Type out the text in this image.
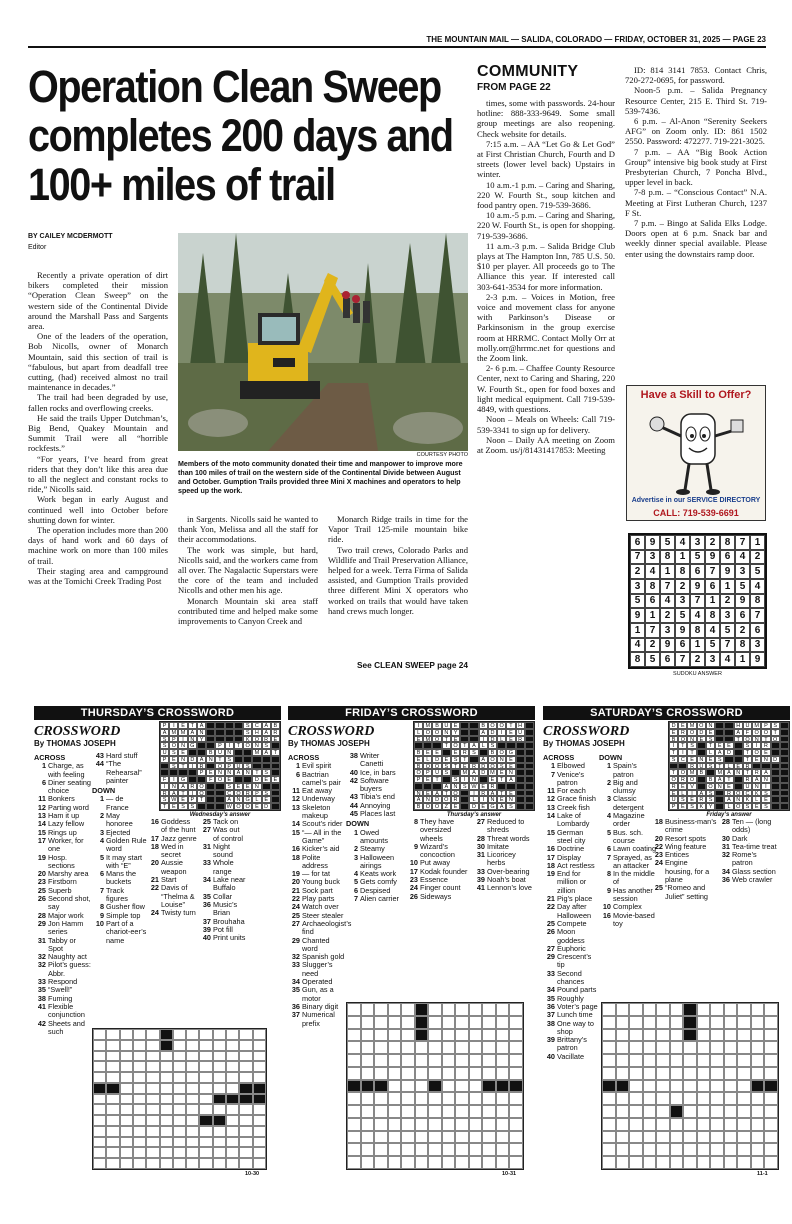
THE MOUNTAIN MAIL — SALIDA, COLORADO — FRIDAY, OCTOBER 31, 2025 — PAGE 23
Operation Clean Sweep completes 200 days and 100+ miles of trail
BY CAILEY MCDERMOTT
Editor

Recently a private operation of dirt bikers completed their mission “Operation Clean Sweep” on the western side of the Continental Divide around the Marshall Pass and Sargents area.

One of the leaders of the operation, Bob Nicolls, owner of Monarch Mountain, said this section of trail is “fabulous, but apart from deadfall tree cutting, (had) received almost no trail maintenance in decades.”

The trail had been degraded by use, fallen rocks and overflowing creeks.

He said the trails Upper Dutchman’s, Big Bend, Quakey Mountain and Summit Trail were all “horrible rockfests.”

“For years, I’ve heard from great riders that they don’t like this area due to all the neglect and constant rocks to ride,” Nicolls said.

Work began in early August and continued well into October before shutting down for winter.

The operation includes more than 200 days of hand work and 60 days of machine work on more than 100 miles of trail.

Their staging area and campground was at the Tomichi Creek Trading Post

COURTESY PHOTO
Members of the moto community donated their time and manpower to improve more than 100 miles of trail on the western side of the Continental Divide between August and October. Gumption Trails provided three Mini X machines and operators to help speed up the work.

in Sargents. Nicolls said he wanted to thank Yon, Melissa and all the staff for their accommodations.

The work was simple, but hard, Nicolls said, and the workers came from all over. The Nagalactic Superstars were the core of the team and included Nicolls and other men his age.

Monarch Mountain ski area staff contributed time and helped make some improvements to Canyon Creek and

Monarch Ridge trails in time for the Vapor Trail 125-mile mountain bike ride.

Two trail crews, Colorado Parks and Wildlife and Trail Preservation Alliance, helped for a week. Terra Firma of Salida assisted, and Gumption Trails provided three different Mini X operators who worked on trails that would have taken hand crews much longer.

See CLEAN SWEEP page 24
COMMUNITY
FROM PAGE 22

times, some with passwords. 24-hour hotline: 888-333-9649. Some small group meetings are also reopening. Check website for details.

7:15 a.m. – AA “Let Go & Let God” at First Christian Church, Fourth and D streets (lower level back) Upstairs in winter.

10 a.m.-1 p.m. – Caring and Sharing, 220 W. Fourth St., soup kitchen and food pantry open. 719-539-3686.

10 a.m.-5 p.m. – Caring and Sharing, 220 W. Fourth St., is open for shopping. 719-539-3686.

11 a.m.-3 p.m. – Salida Bridge Club plays at The Hampton Inn, 785 U.S. 50. $10 per player. All proceeds go to The Alliance this year. If interested call 303-641-3534 for more information.

2-3 p.m. – Voices in Motion, free voice and movement class for anyone with Parkinson’s Disease or Parkinsonism in the group exercise room at HRRMC. Contact Molly Orr at molly.orr@hrrmc.net for questions and the Zoom link.

2- 6 p.m. – Chaffee County Resource Center, next to Caring and Sharing, 220 W. Fourth St., open for food boxes and light medical equipment. Call 719-539-4849, with questions.

Noon – Meals on Wheels: Call 719-539-3341 to sign up for delivery.

Noon – Daily AA meeting on Zoom at Zoom. us/j/81431417853: Meeting

ID: 814 3141 7853. Contact Chris, 720-272-0695, for password.

Noon-5 p.m. – Salida Pregnancy Resource Center, 215 E. Third St. 719-539-7436.

6 p.m. – Al-Anon “Serenity Seekers AFG” on Zoom only. ID: 861 1502 2550. Password: 472277. 719-221-3025.

7 p.m. – AA “Big Book Action Group” intensive big book study at First Presbyterian Church, 7 Poncha Blvd., upper level in back.

7-8 p.m. – “Conscious Contact” N.A. Meeting at First Lutheran Church, 1237 F St.

7 p.m. – Bingo at Salida Elks Lodge. Doors open at 6 p.m. Snack bar and weekly dinner special available. Please enter using the downstairs ramp door.

Have a Skill to Offer?
Advertise in our SERVICE DIRECTORY
CALL: 719-539-6691
6 9 5 4 3 2 8 7 1
7 3 8 1 5 9 6 4 2
2 4 1 8 6 7 9 3 5
3 8 7 2 9 6 1 5 4
5 6 4 3 7 1 2 9 8
9 1 2 5 4 8 3 6 7
1 7 3 9 8 4 5 2 6
4 2 9 6 1 5 7 8 3
8 5 6 7 2 3 4 1 9
SUDOKU ANSWER
THURSDAY’S CROSSWORD
CROSSWORD
By THOMAS JOSEPH
P	I	E	T	A	S C A	B
A M M A N	S H A R
S	P	I	N Y	K O R E
S O N G	P	I	T O N S
U S	E	B U N	M A	T
P	E N D A N	T	S
S	T	I	R	O P U S
P	E N N A N	T	S
F	I	G	F O E	D E	E
I	N A R O	S	E	E N
R A	T	I	O	C O R P	S
S W E	P	T	A N G	L	E
T	E	S	S	W O O E D
Wednesday’s answer
ACROSS
1 Charge, as with feeling
6 Diner seating choice
11 Bonkers
12 Parting word
13 Ham it up
14 Lazy fellow
15 Rings up
17 Worker, for one
19 Hosp. sections
20 Marshy area
23 Firstborn
25 Superb
26 Second shot, say
28 Major work
29 Jon Hamm series
31 Tabby or Spot
32 Naughty act
32 Pilot’s guess: Abbr.
33 Respond
35 “Swell!”
38 Fuming
41 Flexible conjunction
42 Sheets and such
43 Hard stuff
44 “The Rehearsal” painter
DOWN
1 — de France
2 May honoree
3 Ejected
4 Golden Rule word
5 It may start with “E”
6 Mans the buckets
7 Track figures
8 Gusher flow
9 Simple top
10 Part of a chariot-eer’s name
16 Goddess of the hunt
17 Jazz genre
18 Wed in secret
20 Aussie weapon
21 Start
22 Davis of “Thelma & Louise”
24 Twisty turn
25 Tack on
27 Was out of control
31 Night sound
33 Whole range
34 Lake near Buffalo
35 Collar
36 Music’s Brian
37 Brouhaha
39 Pot fill
40 Print units
10-30
FRIDAY’S CROSSWORD
CROSSWORD
By THOMAS JOSEPH
I	M B U E	B O O T	H
L	O O N Y	A D	I	E U
E M O T	E	I	D	L	E R
T O T	A	L	S
B	E	E	E R S	B O G
E	L	D E	S	T	A O N E
B O O S	T	E R D O S	E
O P U S	M A D M E N
P	E	T	S	I	N	E	T	A
A N S W E R
N E	A	T O	I	R A	T	E
A N D O R	L	I	N E N
B O O Z	E	D E G A	S
Thursday’s answer
ACROSS
1 Evil spirit
6 Bactrian camel’s pair
11 Eat away
12 Underway
13 Skeleton makeup
14 Scout’s rider
15 “— All in the Game”
16 Kicker’s aid
18 Polite address
19 — for tat
20 Young buck
21 Sock part
22 Play parts
24 Watch over
25 Steer stealer
27 Archaeologist’s find
29 Chanted word
32 Spanish gold
33 Slugger’s need
34 Operated
35 Gun, as a motor
36 Binary digit
37 Numerical prefix
38 Writer Canetti
40 Ice, in bars
42 Software buyers
43 Tibia’s end
44 Annoying
45 Places last
DOWN
1 Owed amounts
2 Steamy
3 Halloween airings
4 Keats work
5 Gets comfy
6 Despised
7 Alien carrier
8 They have oversized wheels
9 Wizard’s concoction
10 Put away
17 Kodak founder
23 Essence
24 Finger count
26 Sideways
27 Reduced to shreds
28 Threat words
30 Imitate
31 Licoricey herbs
33 Over-bearing
39 Noah’s boat
41 Lennon’s love
10-31
SATURDAY’S CROSSWORD
CROSSWORD
By THOMAS JOSEPH
D E M O N	H U M P	S
E R O D E	A	F O O T
B O N E	S	T O N	T O
I	T	S	T	E	E	S	I	R
T	I	T	L	A D	T O E
S C E N E	S	T	E N D
R U S	T	L	E R
T O M B	M A N	T	R A
O R O	B	A	T	R A N
R E	V	O N E	U N	I
E	L	I	A	S	R O C K	S
U S	E R S	A N K	L	E
P	E	S	K	Y	L	O S	E	S
Friday’s answer
ACROSS
1 Elbowed
7 Venice’s patron
11 For each
12 Grace finish
13 Creek fish
14 Lake of Lombardy
15 German steel city
16 Doctrine
17 Display
18 Act restless
19 End for million or zillion
21 Pig’s place
22 Day after Halloween
25 Compete
26 Moon goddess
27 Euphoric
29 Crescent’s tip
33 Second chances
34 Pound parts
35 Roughly
36 Voter’s page
37 Lunch time
38 One way to shop
39 Brittany’s patron
40 Vacillate
DOWN
1 Spain’s patron
2 Big and clumsy
3 Classic detergent
4 Magazine order
5 Bus. sch. course
6 Lawn coating
7 Sprayed, as an attacker
8 In the middle of
9 Has another session
10 Complex
16 Movie-based toy
18 Business-man’s crime
20 Resort spots
22 Wing feature
23 Entices
24 Engine housing, for a plane
25 “Romeo and Juliet” setting
28 Ten — (long odds)
30 Dark
31 Tea-time treat
32 Rome’s patron
34 Glass section
36 Web crawler
11-1
